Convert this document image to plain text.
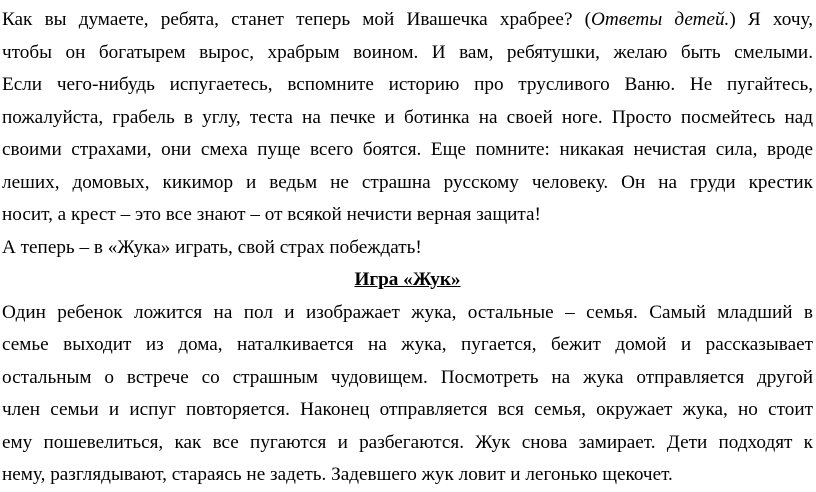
Как вы думаете, ребята, станет теперь мой Ивашечка храбрее? (Ответы детей.) Я хочу,
чтобы он богатырем вырос, храбрым воином. И вам, ребятушки, желаю быть смелыми.
Если чего-нибудь испугаетесь, вспомните историю про трусливого Ваню. Не пугайтесь,
пожалуйста, грабель в углу, теста на печке и ботинка на своей ноге. Просто посмейтесь над
своими страхами, они смеха пуще всего боятся. Еще помните: никакая нечистая сила, вроде
леших, домовых, кикимор и ведьм не страшна русскому человеку. Он на груди крестик
носит, а крест – это все знают – от всякой нечисти верная защита!
А теперь – в «Жука» играть, свой страх побеждать!
Игра «Жук»
Один ребенок ложится на пол и изображает жука, остальные – семья. Самый младший в
семье выходит из дома, наталкивается на жука, пугается, бежит домой и рассказывает
остальным о встрече со страшным чудовищем. Посмотреть на жука отправляется другой
член семьи и испуг повторяется. Наконец отправляется вся семья, окружает жука, но стоит
ему пошевелиться, как все пугаются и разбегаются. Жук снова замирает. Дети подходят к
нему, разглядывают, стараясь не задеть. Задевшего жук ловит и легонько щекочет.
